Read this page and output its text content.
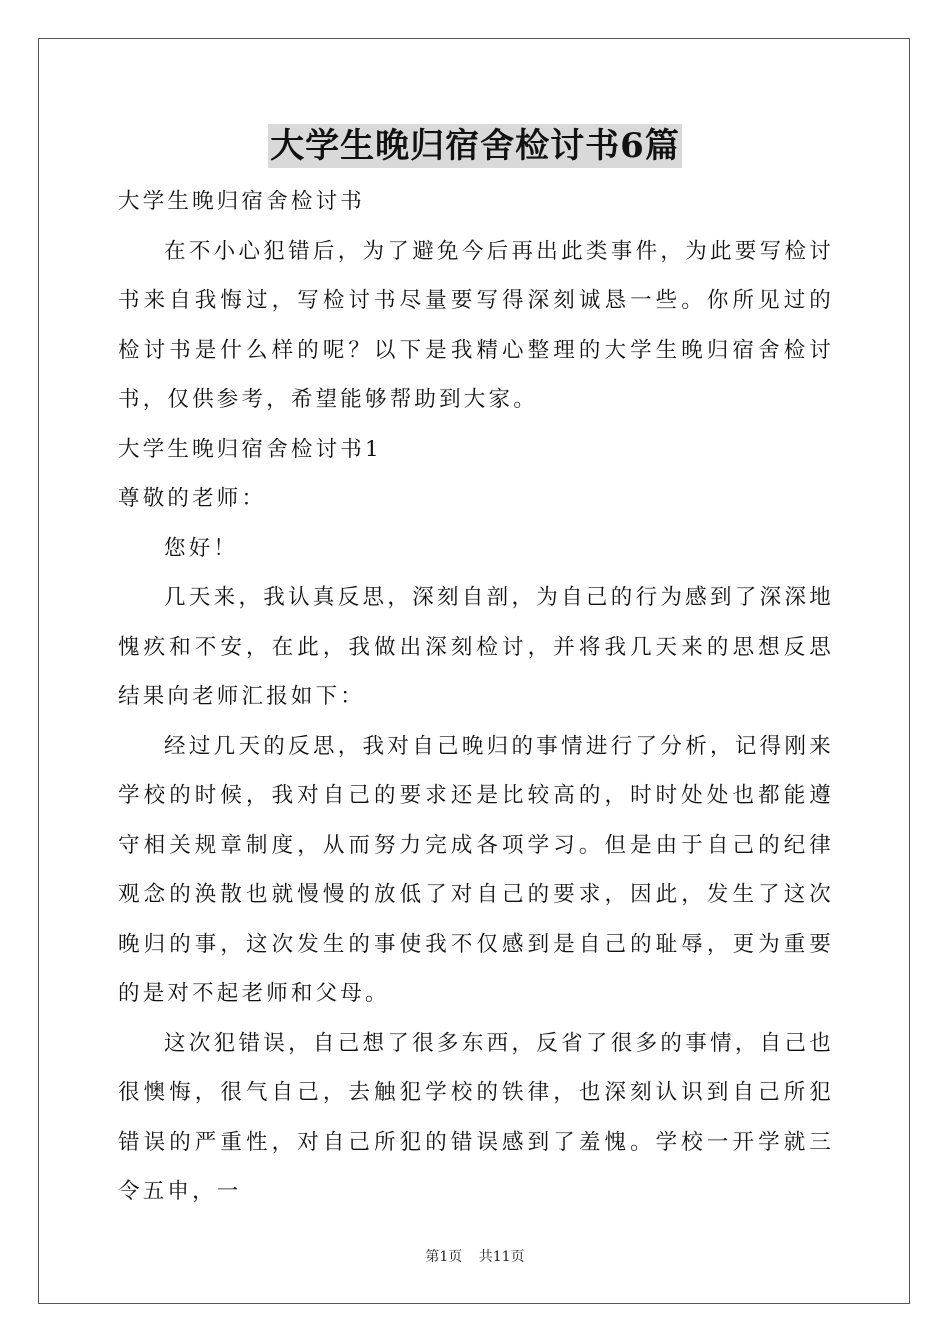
大学生晚归宿舍检讨书6篇

大学生晚归宿舍检讨书

在不小心犯错后，为了避免今后再出此类事件，为此要写检讨书来自我悔过，写检讨书尽量要写得深刻诚恳一些。你所见过的检讨书是什么样的呢？以下是我精心整理的大学生晚归宿舍检讨书，仅供参考，希望能够帮助到大家。

大学生晚归宿舍检讨书1

尊敬的老师：

您好！

几天来，我认真反思，深刻自剖，为自己的行为感到了深深地愧疚和不安，在此，我做出深刻检讨，并将我几天来的思想反思结果向老师汇报如下：

经过几天的反思，我对自己晚归的事情进行了分析，记得刚来学校的时候，我对自己的要求还是比较高的，时时处处也都能遵守相关规章制度，从而努力完成各项学习。但是由于自己的纪律观念的涣散也就慢慢的放低了对自己的要求，因此，发生了这次晚归的事，这次发生的事使我不仅感到是自己的耻辱，更为重要的是对不起老师和父母。

这次犯错误，自己想了很多东西，反省了很多的事情，自己也很懊悔，很气自己，去触犯学校的铁律，也深刻认识到自己所犯错误的严重性，对自己所犯的错误感到了羞愧。学校一开学就三令五申，一

第1页 共11页
